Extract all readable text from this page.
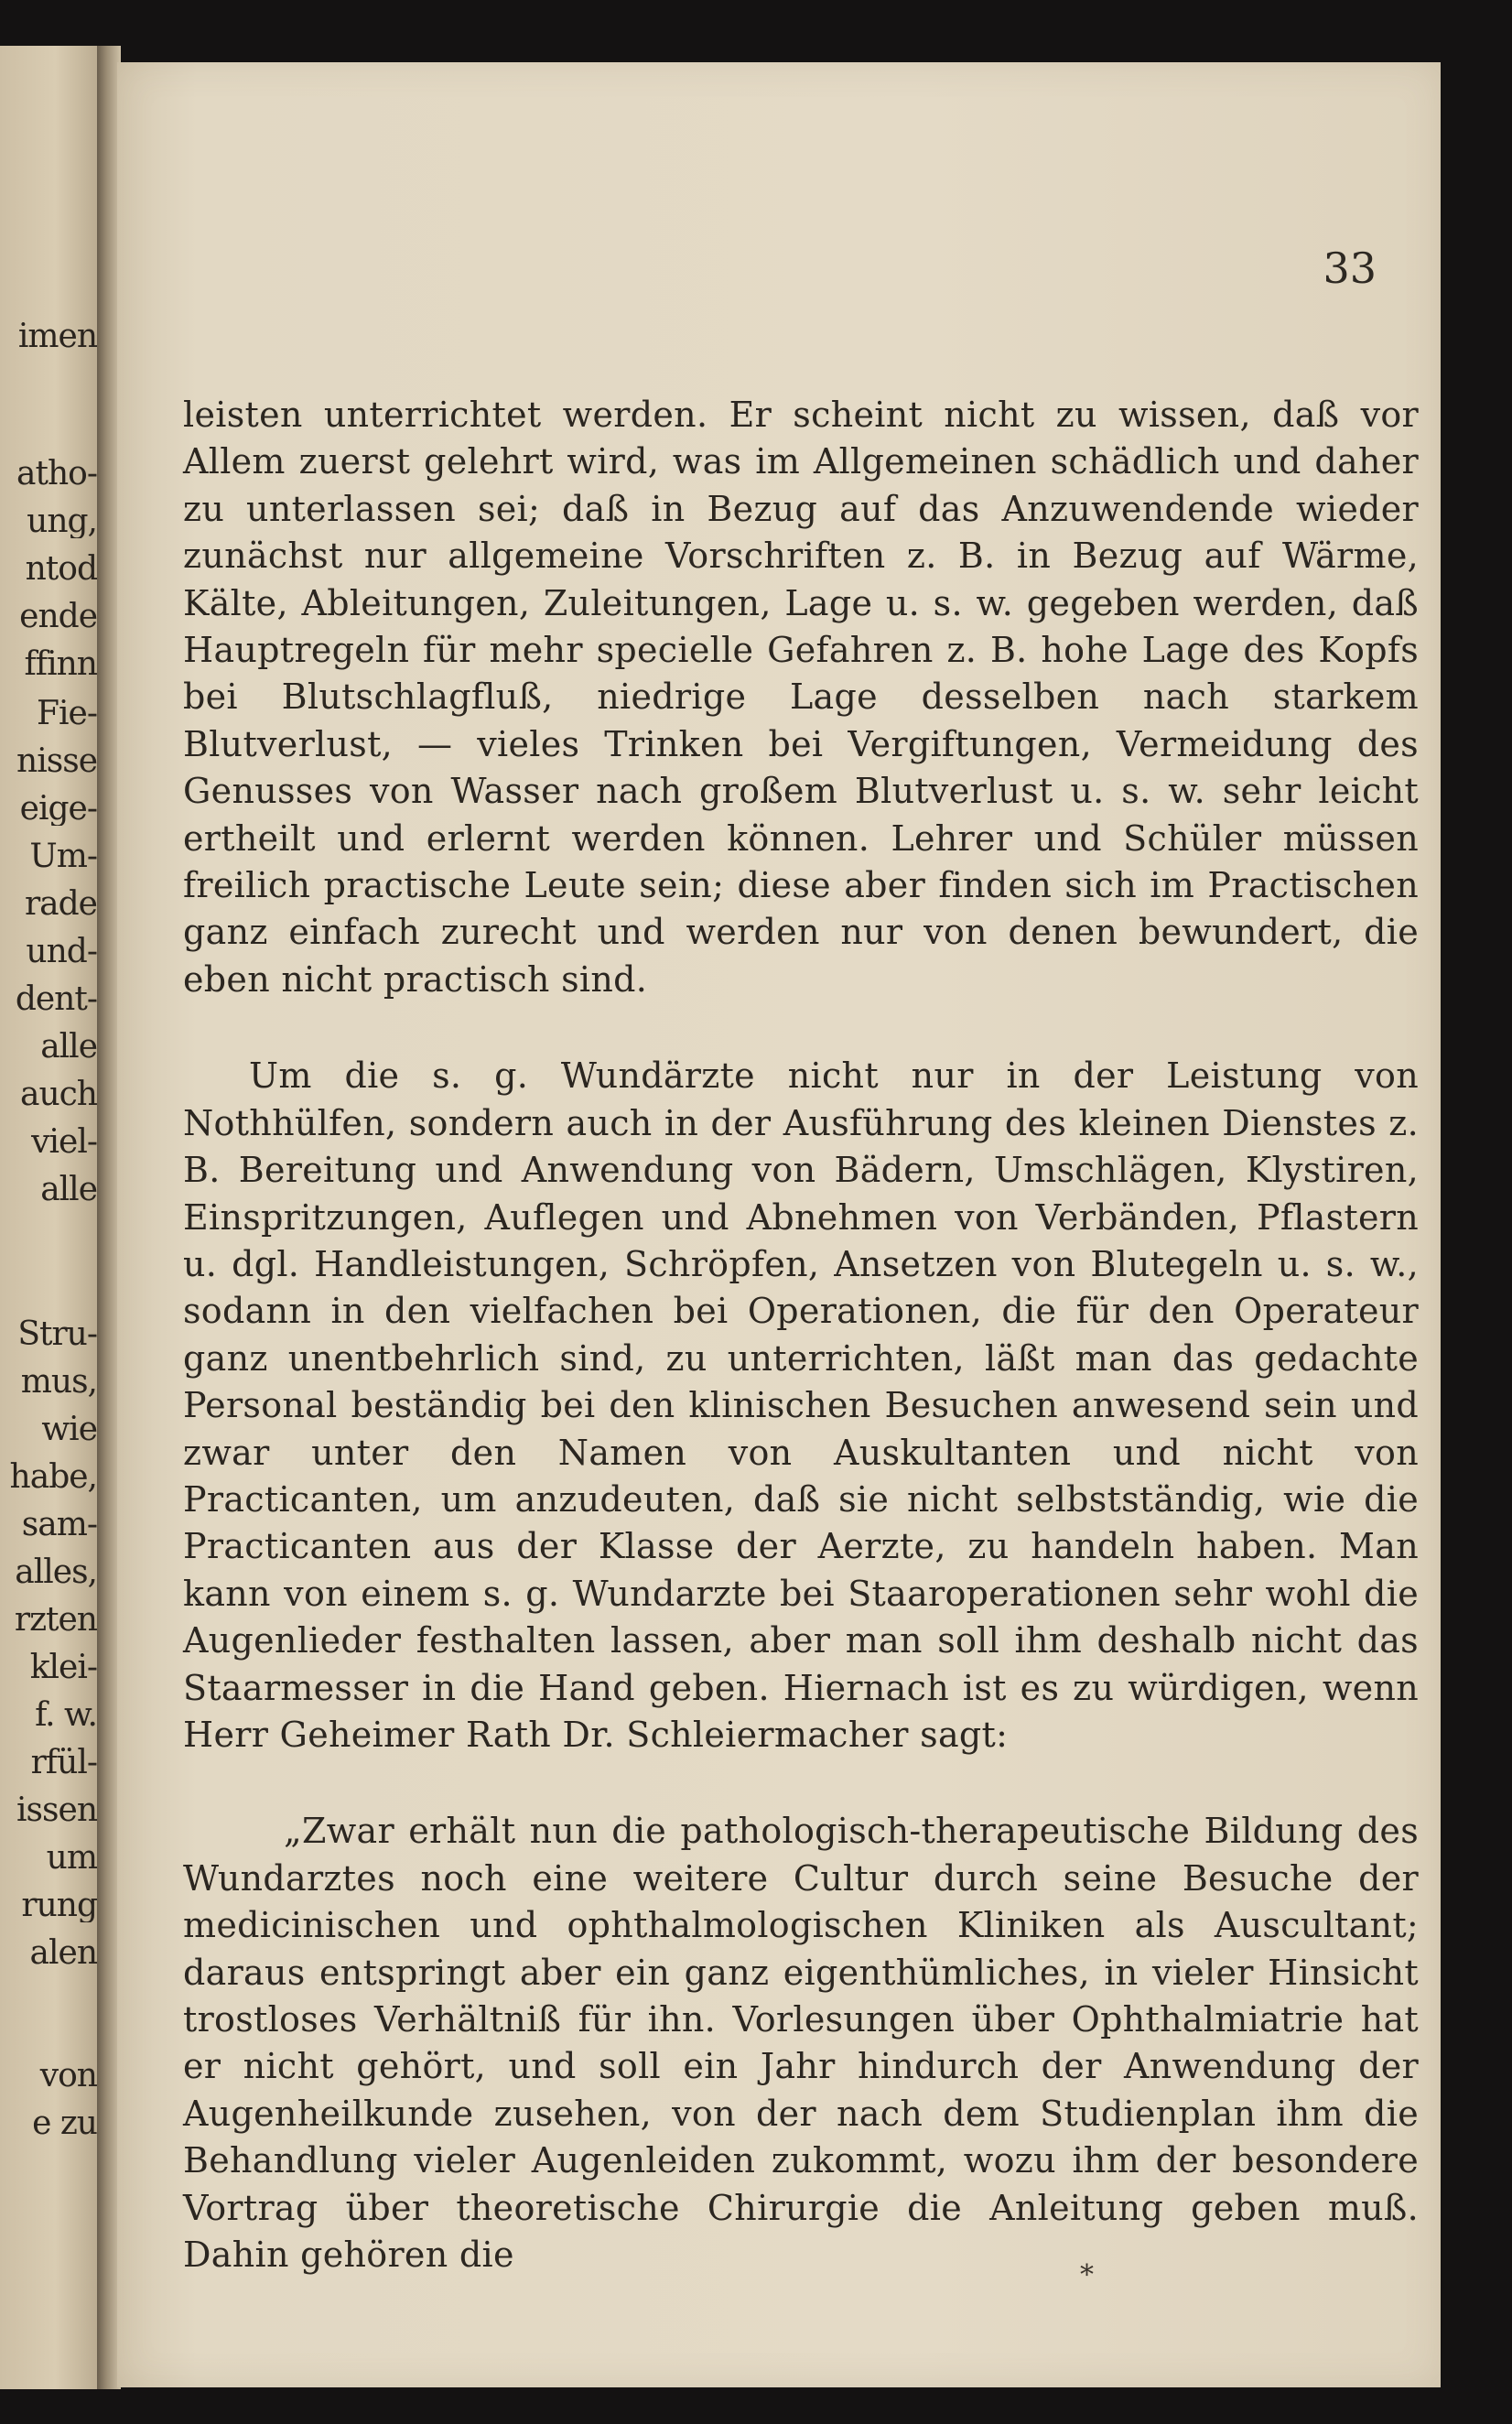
imen
atho-
ung,
ntod
ende
ffinn
Fie-
nisse
eige-
Um-
rade
und-
dent-
alle
auch
viel-
alle
Stru-
mus,
wie
habe,
sam-
alles,
rzten
klei-
f. w.
rfül-
issen
um
rung
alen
von
e zu
33

leisten unterrichtet werden. Er scheint nicht zu wissen, daß vor Allem zuerst gelehrt wird, was im Allgemeinen schädlich und daher zu unterlassen sei; daß in Bezug auf das Anzuwendende wieder zunächst nur allgemeine Vorschriften z. B. in Bezug auf Wärme, Kälte, Ableitungen, Zuleitungen, Lage u. s. w. gegeben werden, daß Hauptregeln für mehr specielle Gefahren z. B. hohe Lage des Kopfs bei Blutschlagfluß, niedrige Lage desselben nach starkem Blutverlust, — vieles Trinken bei Vergiftungen, Vermeidung des Genusses von Wasser nach großem Blutverlust u. s. w. sehr leicht ertheilt und erlernt werden können. Lehrer und Schüler müssen freilich practische Leute sein; diese aber finden sich im Practischen ganz einfach zurecht und werden nur von denen bewundert, die eben nicht practisch sind.

Um die s. g. Wundärzte nicht nur in der Leistung von Nothhülfen, sondern auch in der Ausführung des kleinen Dienstes z. B. Bereitung und Anwendung von Bädern, Umschlägen, Klystiren, Einspritzungen, Auflegen und Abnehmen von Verbänden, Pflastern u. dgl. Handleistungen, Schröpfen, Ansetzen von Blutegeln u. s. w., sodann in den vielfachen bei Operationen, die für den Operateur ganz unentbehrlich sind, zu unterrichten, läßt man das gedachte Personal beständig bei den klinischen Besuchen anwesend sein und zwar unter den Namen von Auskultanten und nicht von Practicanten, um anzudeuten, daß sie nicht selbstständig, wie die Practicanten aus der Klasse der Aerzte, zu handeln haben. Man kann von einem s. g. Wundarzte bei Staaroperationen sehr wohl die Augenlieder festhalten lassen, aber man soll ihm deshalb nicht das Staarmesser in die Hand geben. Hiernach ist es zu würdigen, wenn Herr Geheimer Rath Dr. Schleiermacher sagt:

„Zwar erhält nun die pathologisch-therapeutische Bildung des Wundarztes noch eine weitere Cultur durch seine Besuche der medicinischen und ophthalmologischen Kliniken als Auscultant; daraus entspringt aber ein ganz eigenthümliches, in vieler Hinsicht trostloses Verhältniß für ihn. Vorlesungen über Ophthalmiatrie hat er nicht gehört, und soll ein Jahr hindurch der Anwendung der Augenheilkunde zusehen, von der nach dem Studienplan ihm die Behandlung vieler Augenleiden zukommt, wozu ihm der besondere Vortrag über theoretische Chirurgie die Anleitung geben muß. Dahin gehören die

*
